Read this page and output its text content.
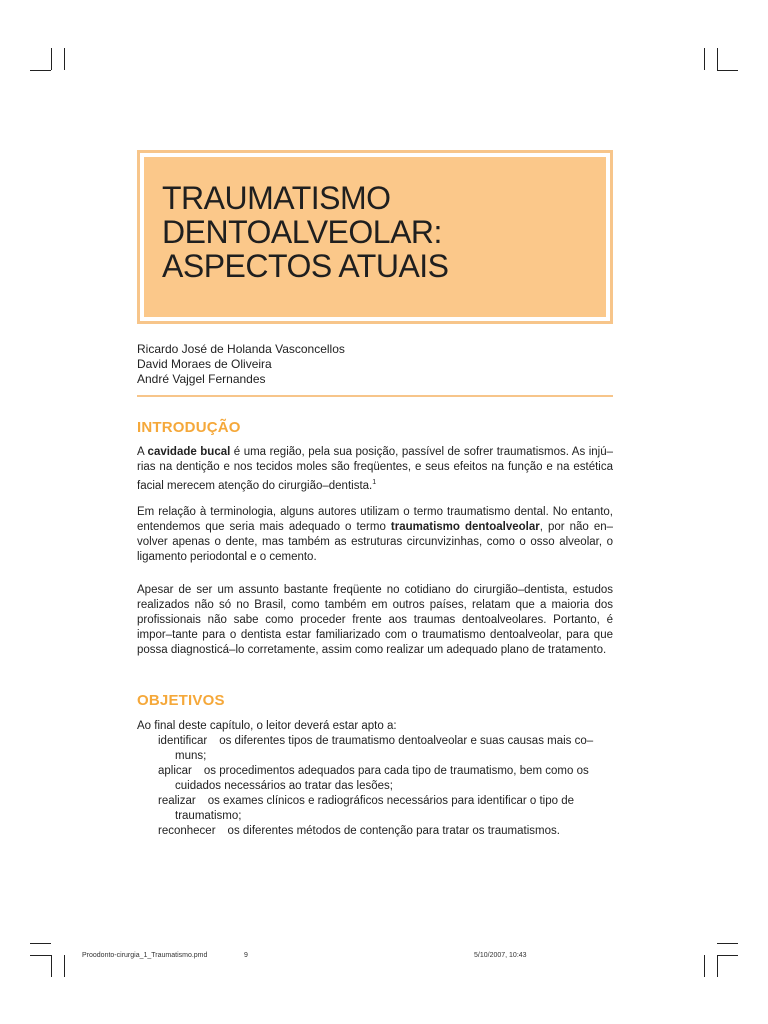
TRAUMATISMO
DENTOALVEOLAR:
ASPECTOS ATUAIS
Ricardo José de Holanda Vasconcellos
David Moraes de Oliveira
André Vajgel Fernandes
INTRODUÇÃO
A cavidade bucal é uma região, pela sua posição, passível de sofrer traumatismos. As injú–rias na dentição e nos tecidos moles são freqüentes, e seus efeitos na função e na estética facial merecem atenção do cirurgião–dentista.$^1$
Em relação à terminologia, alguns autores utilizam o termo traumatismo dental. No entanto, entendemos que seria mais adequado o termo traumatismo dentoalveolar, por não en–volver apenas o dente, mas também as estruturas circunvizinhas, como o osso alveolar, o ligamento periodontal e o cemento.
Apesar de ser um assunto bastante freqüente no cotidiano do cirurgião–dentista, estudos realizados não só no Brasil, como também em outros países, relatam que a maioria dos profissionais não sabe como proceder frente aos traumas dentoalveolares. Portanto, é impor–tante para o dentista estar familiarizado com o traumatismo dentoalveolar, para que possa diagnosticá–lo corretamente, assim como realizar um adequado plano de tratamento.
OBJETIVOS
Ao final deste capítulo, o leitor deverá estar apto a:
identificar os diferentes tipos de traumatismo dentoalveolar e suas causas mais co–
muns;
aplicar os procedimentos adequados para cada tipo de traumatismo, bem como os
cuidados necessários ao tratar das lesões;
realizar os exames clínicos e radiográficos necessários para identificar o tipo de
traumatismo;
reconhecer os diferentes métodos de contenção para tratar os traumatismos.
Proodonto-cirurgia_1_Traumatismo.pmd	9	5/10/2007, 10:43
